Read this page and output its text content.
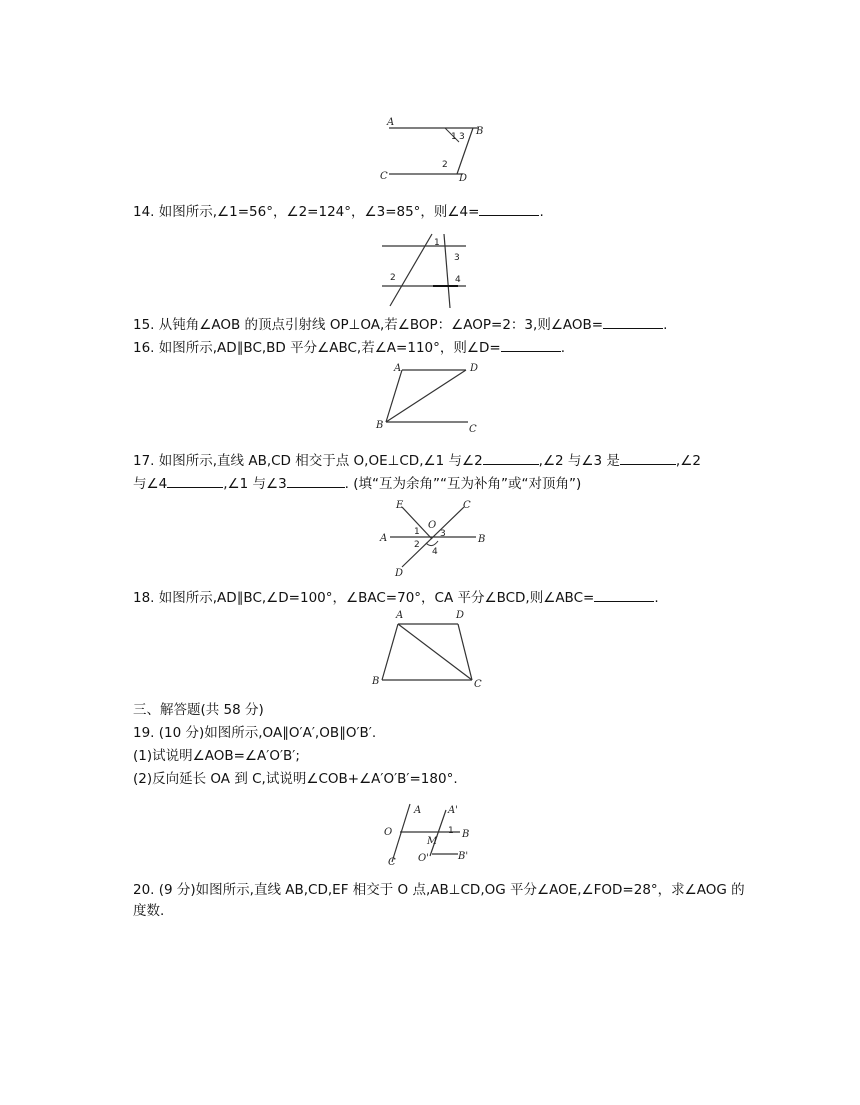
A
B
C	D
1 3
2
14. 如图所示,∠1=56°，∠2=124°，∠3=85°，则∠4=	.
1
3
2	4
15. 从钝角∠AOB 的顶点引射线 OP⊥OA,若∠BOP：∠AOP=2：3,则∠AOB=	.
16. 如图所示,AD∥BC,BD 平分∠ABC,若∠A=110°，则∠D=	.
A	D
B	C
17. 如图所示,直线 AB,CD 相交于点 O,OE⊥CD,∠1 与∠2	,∠2 与∠3 是	,∠2
与∠4	,∠1 与∠3	. (填“互为余角”“互为补角”或“对顶角”)
E	C
O
A	B
D
1
2
3
4
18. 如图所示,AD∥BC,∠D=100°，∠BAC=70°，CA 平分∠BCD,则∠ABC=	.
A	D
B	C
三、解答题(共 58 分)
19. (10 分)如图所示,OA∥O′A′,OB∥O′B′.
(1)试说明∠AOB=∠A′O′B′;
(2)反向延长 OA 到 C,试说明∠COB+∠A′O′B′=180°.
A	A'
O
M
1 B
C O'	B'
20. (9 分)如图所示,直线 AB,CD,EF 相交于 O 点,AB⊥CD,OG 平分∠AOE,∠FOD=28°，求∠AOG 的
度数.
